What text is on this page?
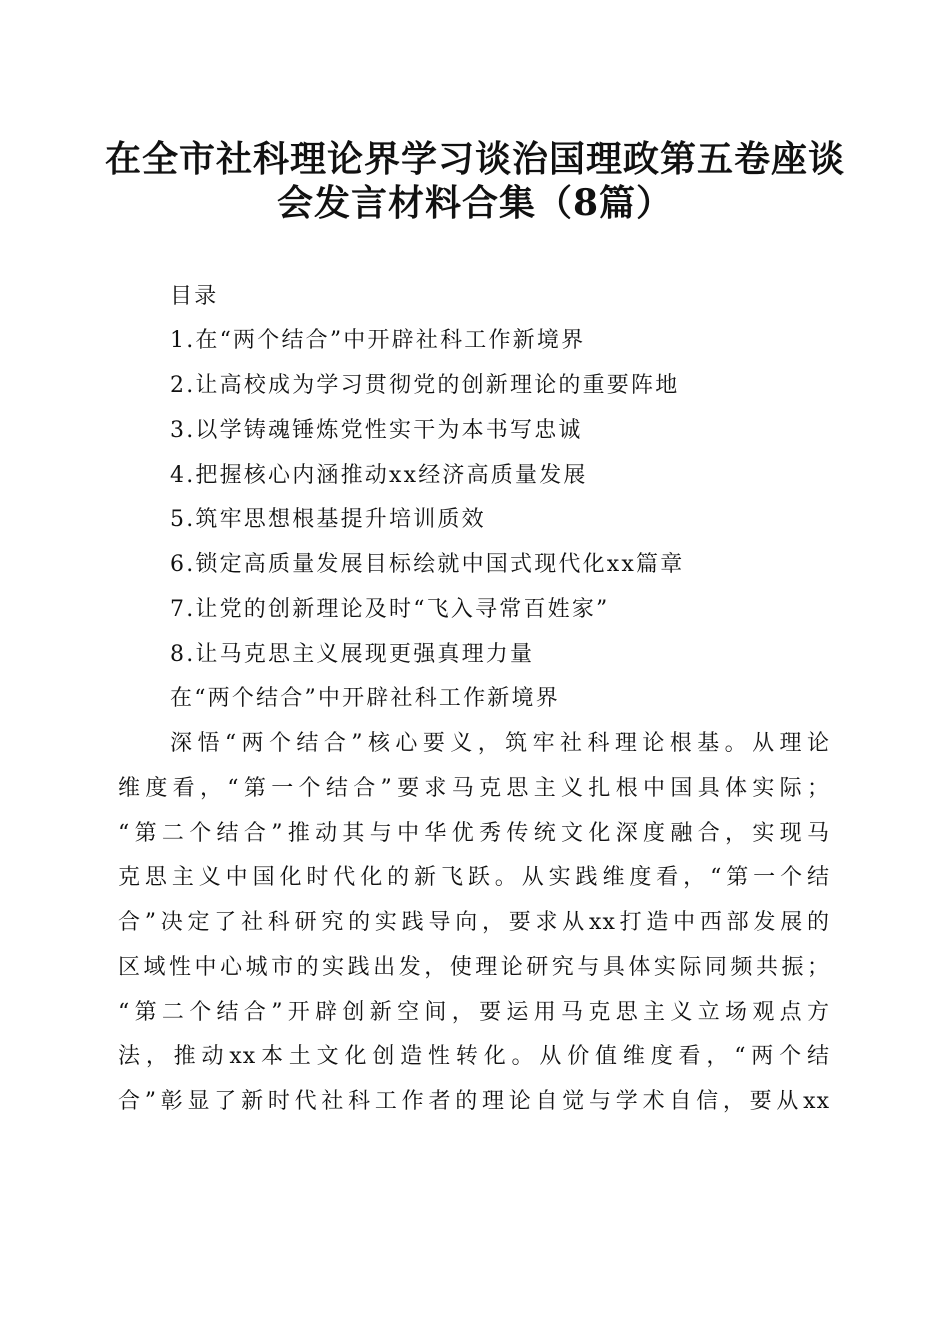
在全市社科理论界学习谈治国理政第五卷座谈
会发言材料合集（8篇）
目录
1.在“两个结合”中开辟社科工作新境界
2.让高校成为学习贯彻党的创新理论的重要阵地
3.以学铸魂锤炼党性实干为本书写忠诚
4.把握核心内涵推动xx经济高质量发展
5.筑牢思想根基提升培训质效
6.锁定高质量发展目标绘就中国式现代化xx篇章
7.让党的创新理论及时“飞入寻常百姓家”
8.让马克思主义展现更强真理力量
在“两个结合”中开辟社科工作新境界
深悟“两个结合”核心要义，筑牢社科理论根基。从理论
维度看，“第一个结合”要求马克思主义扎根中国具体实际；
“第二个结合”推动其与中华优秀传统文化深度融合，实现马
克思主义中国化时代化的新飞跃。从实践维度看，“第一个结
合”决定了社科研究的实践导向，要求从xx打造中西部发展的
区域性中心城市的实践出发，使理论研究与具体实际同频共振；
“第二个结合”开辟创新空间，要运用马克思主义立场观点方
法，推动xx本土文化创造性转化。从价值维度看，“两个结
合”彰显了新时代社科工作者的理论自觉与学术自信，要从xx
